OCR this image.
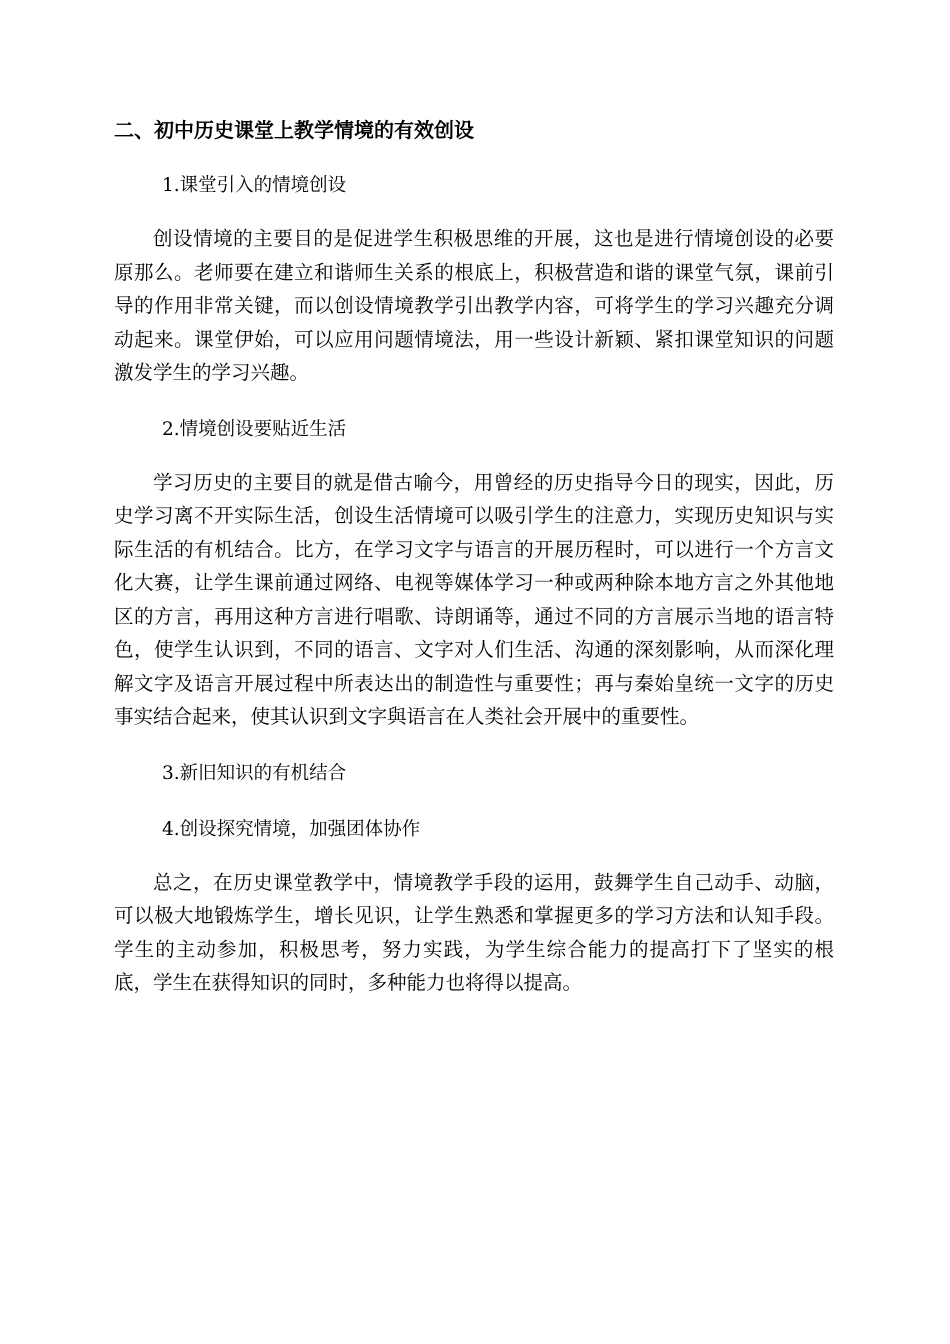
二、初中历史课堂上教学情境的有效创设

1.课堂引入的情境创设

创设情境的主要目的是促进学生积极思维的开展，这也是进行情境创设的必要原那么。老师要在建立和谐师生关系的根底上，积极营造和谐的课堂气氛，课前引导的作用非常关键，而以创设情境教学引出教学内容，可将学生的学习兴趣充分调动起来。课堂伊始，可以应用问题情境法，用一些设计新颖、紧扣课堂知识的问题激发学生的学习兴趣。

2.情境创设要贴近生活

学习历史的主要目的就是借古喻今，用曾经的历史指导今日的现实，因此，历史学习离不开实际生活，创设生活情境可以吸引学生的注意力，实现历史知识与实际生活的有机结合。比方，在学习文字与语言的开展历程时，可以进行一个方言文化大赛，让学生课前通过网络、电视等媒体学习一种或两种除本地方言之外其他地区的方言，再用这种方言进行唱歌、诗朗诵等，通过不同的方言展示当地的语言特色，使学生认识到，不同的语言、文字对人们生活、沟通的深刻影响，从而深化理解文字及语言开展过程中所表达出的制造性与重要性；再与秦始皇统一文字的历史事实结合起来，使其认识到文字與语言在人类社会开展中的重要性。

3.新旧知识的有机结合

4.创设探究情境，加强团体协作

总之，在历史课堂教学中，情境教学手段的运用，鼓舞学生自己动手、动脑，可以极大地锻炼学生，增长见识，让学生熟悉和掌握更多的学习方法和认知手段。学生的主动参加，积极思考，努力实践，为学生综合能力的提高打下了坚实的根底，学生在获得知识的同时，多种能力也将得以提高。
